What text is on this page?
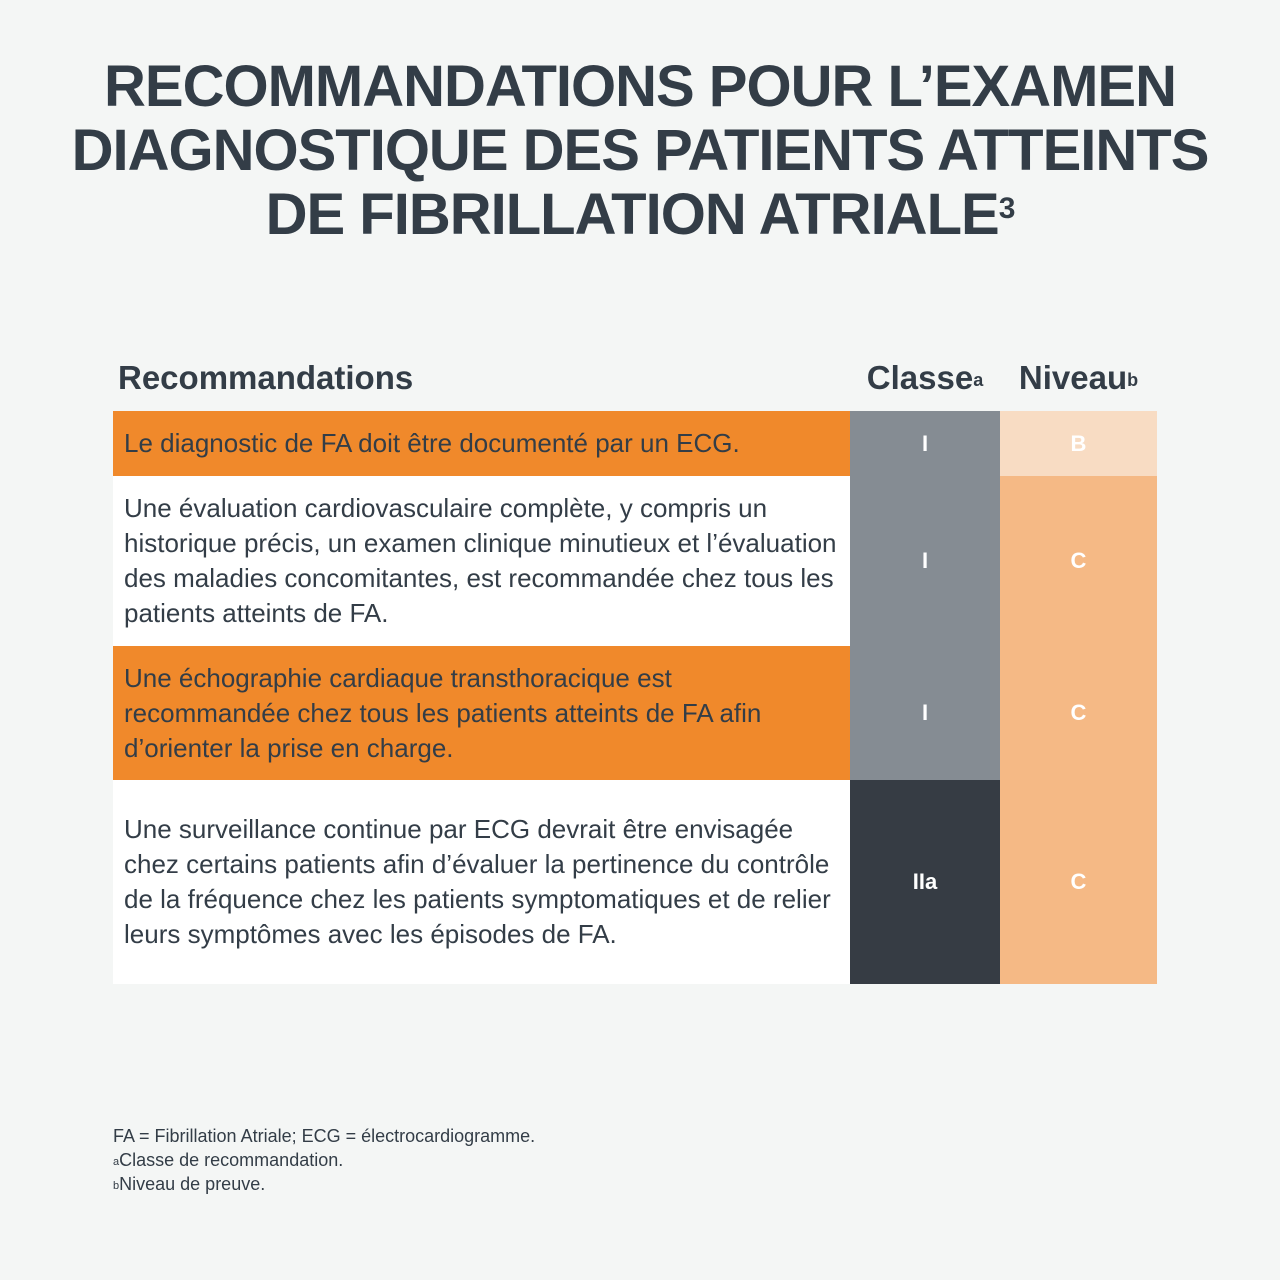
RECOMMANDATIONS POUR L’EXAMEN
DIAGNOSTIQUE DES PATIENTS ATTEINTS
DE FIBRILLATION ATRIALE$^3$
Recommandations	Classe$^a$	Niveau$^b$
Le diagnostic de FA doit être documenté par un ECG.
Une évaluation cardiovasculaire complète, y compris un historique précis, un examen clinique minutieux et l’évaluation des maladies concomitantes, est recommandée chez tous les patients atteints de FA.
Une échographie cardiaque transthoracique est recommandée chez tous les patients atteints de FA afin d’orienter la prise en charge.
Une surveillance continue par ECG devrait être envisagée chez certains patients afin d’évaluer la pertinence du contrôle de la fréquence chez les patients symptomatiques et de relier leurs symptômes avec les épisodes de FA.
I
I
I
IIa
B
C
C
C
FA = Fibrillation Atriale; ECG = électrocardiogramme.
$^a$Classe de recommandation.
$^b$Niveau de preuve.
